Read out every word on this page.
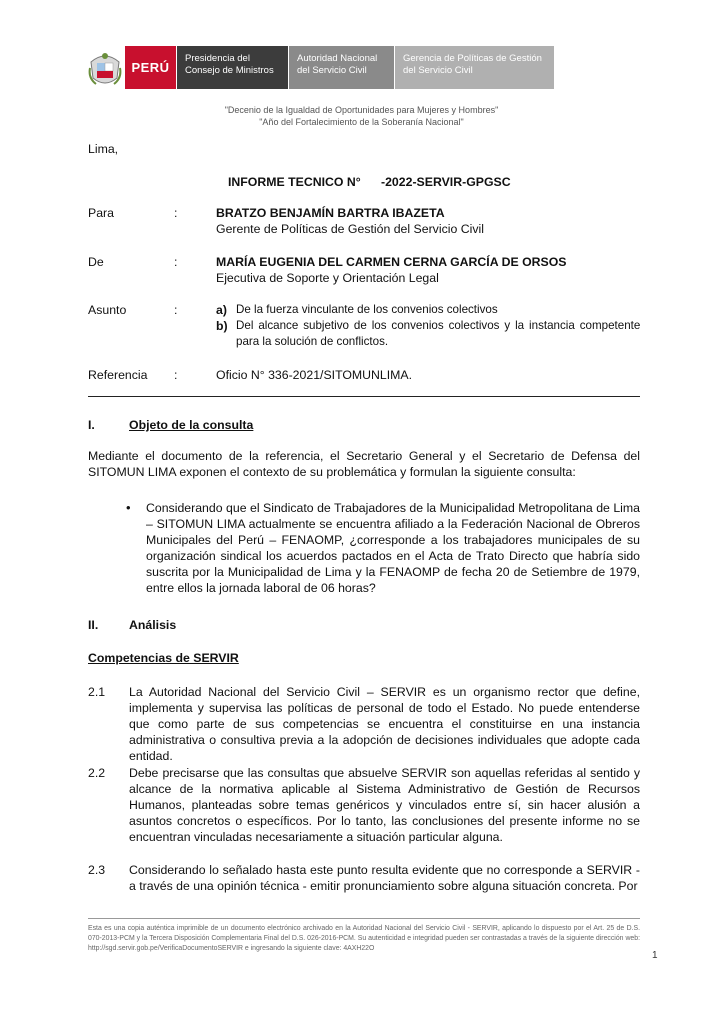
PERÚ
Presidencia del Consejo de Ministros
Autoridad Nacional del Servicio Civil
Gerencia de Políticas de Gestión del Servicio Civil
"Decenio de la Igualdad de Oportunidades para Mujeres y Hombres"
"Año del Fortalecimiento de la Soberanía Nacional"
Lima,
INFORME TECNICO N° -2022-SERVIR-GPGSC
Para	:	BRATZO BENJAMÍN BARTRA IBAZETA
Gerente de Políticas de Gestión del Servicio Civil
De	:	MARÍA EUGENIA DEL CARMEN CERNA GARCÍA DE ORSOS
Ejecutiva de Soporte y Orientación Legal
Asunto	:	a) De la fuerza vinculante de los convenios colectivos
b) Del alcance subjetivo de los convenios colectivos y la instancia competente
para la solución de conflictos.
Referencia :	Oficio N° 336-2021/SITOMUNLIMA.
I.	Objeto de la consulta
Mediante el documento de la referencia, el Secretario General y el Secretario de Defensa del SITOMUN LIMA exponen el contexto de su problemática y formulan la siguiente consulta:
• Considerando que el Sindicato de Trabajadores de la Municipalidad Metropolitana de Lima – SITOMUN LIMA actualmente se encuentra afiliado a la Federación Nacional de Obreros Municipales del Perú – FENAOMP, ¿corresponde a los trabajadores municipales de su organización sindical los acuerdos pactados en el Acta de Trato Directo que habría sido suscrita por la Municipalidad de Lima y la FENAOMP de fecha 20 de Setiembre de 1979, entre ellos la jornada laboral de 06 horas?
II.	Análisis
Competencias de SERVIR
2.1 La Autoridad Nacional del Servicio Civil – SERVIR es un organismo rector que define, implementa y supervisa las políticas de personal de todo el Estado. No puede entenderse que como parte de sus competencias se encuentra el constituirse en una instancia administrativa o consultiva previa a la adopción de decisiones individuales que adopte cada entidad.
2.2 Debe precisarse que las consultas que absuelve SERVIR son aquellas referidas al sentido y alcance de la normativa aplicable al Sistema Administrativo de Gestión de Recursos Humanos, planteadas sobre temas genéricos y vinculados entre sí, sin hacer alusión a asuntos concretos o específicos. Por lo tanto, las conclusiones del presente informe no se encuentran vinculadas necesariamente a situación particular alguna.
2.3 Considerando lo señalado hasta este punto resulta evidente que no corresponde a SERVIR -a través de una opinión técnica - emitir pronunciamiento sobre alguna situación concreta. Por
Esta es una copia auténtica imprimible de un documento electrónico archivado en la Autoridad Nacional del Servicio Civil - SERVIR, aplicando lo dispuesto por el Art. 25 de D.S. 070-2013-PCM y la Tercera Disposición Complementaria Final del D.S. 026-2016-PCM. Su autenticidad e integridad pueden ser contrastadas a través de la siguiente dirección web: http://sgd.servir.gob.pe/VerificaDocumentoSERVIR e ingresando la siguiente clave: 4AXH22O
1
